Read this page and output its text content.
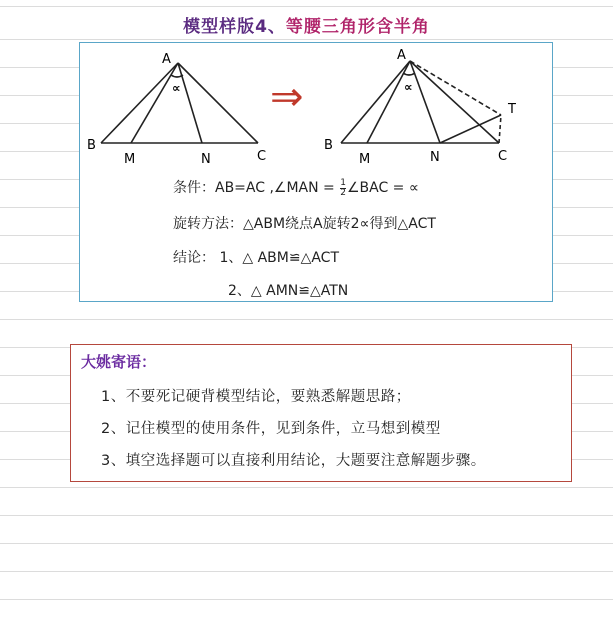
模型样版4、等腰三角形含半角
A
∝
B
M	N	C
⇒
A
∝
B
M	N	C
T
条件：AB=AC ,∠MAN = $\frac{1}{2}$ ∠BAC = ∝
旋转方法：△ABM绕点A旋转2∝得到△ACT
结论： 1、△ ABM≌△ACT
2、△ AMN≌△ATN
大姚寄语：
1、不要死记硬背模型结论，要熟悉解题思路；
2、记住模型的使用条件，见到条件，立马想到模型
3、填空选择题可以直接利用结论，大题要注意解题步骤。
